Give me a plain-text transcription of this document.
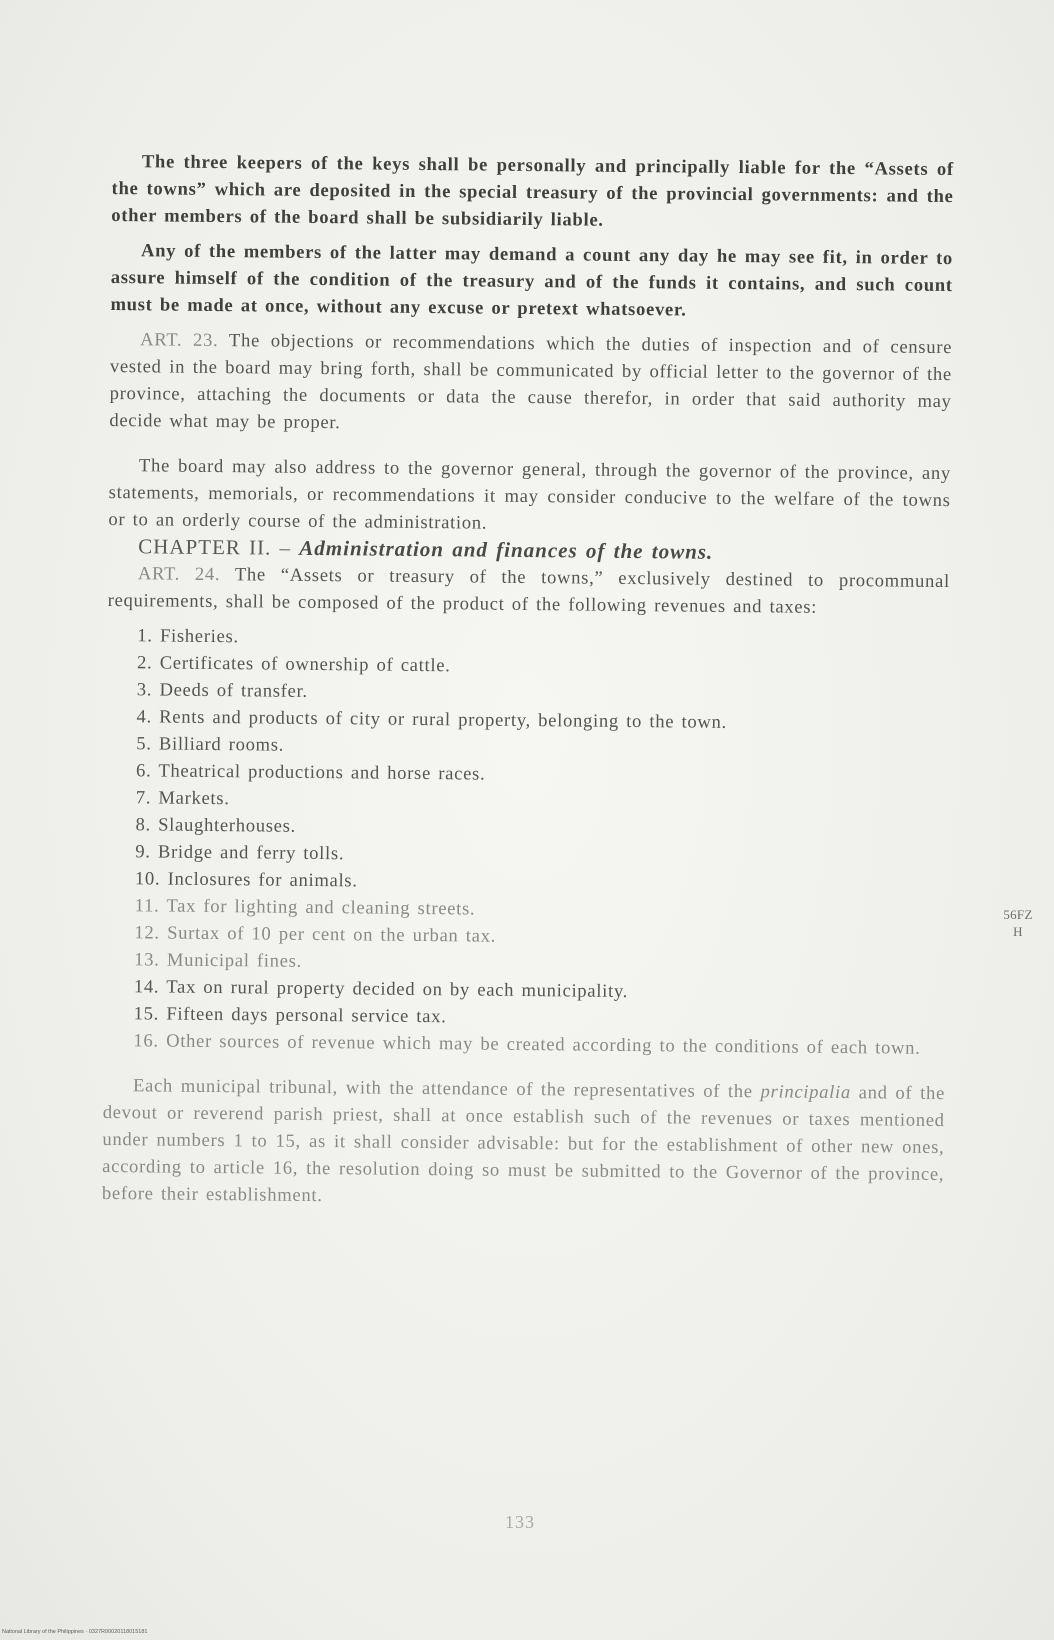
The three keepers of the keys shall be personally and principally liable for the “Assets of the towns” which are deposited in the special treasury of the provincial governments: and the other members of the board shall be subsidiarily liable.

Any of the members of the latter may demand a count any day he may see fit, in order to assure himself of the condition of the treasury and of the funds it contains, and such count must be made at once, without any excuse or pretext whatsoever.

ART. 23. The objections or recommendations which the duties of inspection and of censure vested in the board may bring forth, shall be communicated by official letter to the governor of the province, attaching the documents or data the cause therefor, in order that said authority may decide what may be proper.

The board may also address to the governor general, through the governor of the province, any statements, memorials, or recommendations it may consider conducive to the welfare of the towns or to an orderly course of the administration.

CHAPTER II. – Administration and finances of the towns.

ART. 24. The “Assets or treasury of the towns,” exclusively destined to procommunal requirements, shall be composed of the product of the following revenues and taxes:

1. Fisheries.

2. Certificates of ownership of cattle.

3. Deeds of transfer.

4. Rents and products of city or rural property, belonging to the town.

5. Billiard rooms.

6. Theatrical productions and horse races.

7. Markets.

8. Slaughterhouses.

9. Bridge and ferry tolls.

10. Inclosures for animals.

11. Tax for lighting and cleaning streets.

12. Surtax of 10 per cent on the urban tax.

13. Municipal fines.

14. Tax on rural property decided on by each municipality.

15. Fifteen days personal service tax.

16. Other sources of revenue which may be created according to the conditions of each town.

Each municipal tribunal, with the attendance of the representatives of the principalia and of the devout or reverend parish priest, shall at once establish such of the revenues or taxes mentioned under numbers 1 to 15, as it shall consider advisable: but for the establishment of other new ones, according to article 16, the resolution doing so must be submitted to the Governor of the province, before their establishment.

56FZ
H
133
National Library of the Philippines · 0327R00020118015181
